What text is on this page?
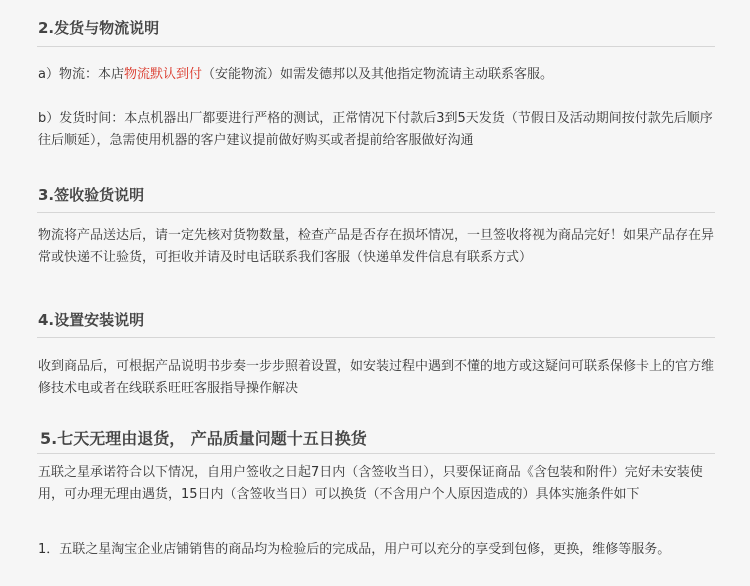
2.发货与物流说明
a）物流：本店物流默认到付（安能物流）如需发德邦以及其他指定物流请主动联系客服。
b）发货时间：本点机器出厂都要进行严格的测试，正常情况下付款后3到5天发货（节假日及活动期间按付款先后顺序往后顺延），急需使用机器的客户建议提前做好购买或者提前给客服做好沟通
3.签收验货说明
物流将产品送达后，请一定先核对货物数量，检查产品是否存在损坏情况，一旦签收将视为商品完好！如果产品存在异常或快递不让验货，可拒收并请及时电话联系我们客服（快递单发件信息有联系方式）
4.设置安装说明
收到商品后，可根据产品说明书步奏一步步照着设置，如安装过程中遇到不懂的地方或这疑问可联系保修卡上的官方维修技术电或者在线联系旺旺客服指导操作解决
5.七天无理由退货， 产品质量问题十五日换货
五联之星承诺符合以下情况，自用户签收之日起7日内（含签收当日），只要保证商品《含包装和附件）完好未安装使用，可办理无理由遇货，15日内（含签收当日）可以换货（不含用户个人原因造成的）具体实施条件如下
1．五联之星淘宝企业店铺销售的商品均为检验后的完成品，用户可以充分的享受到包修，更换，维修等服务。
